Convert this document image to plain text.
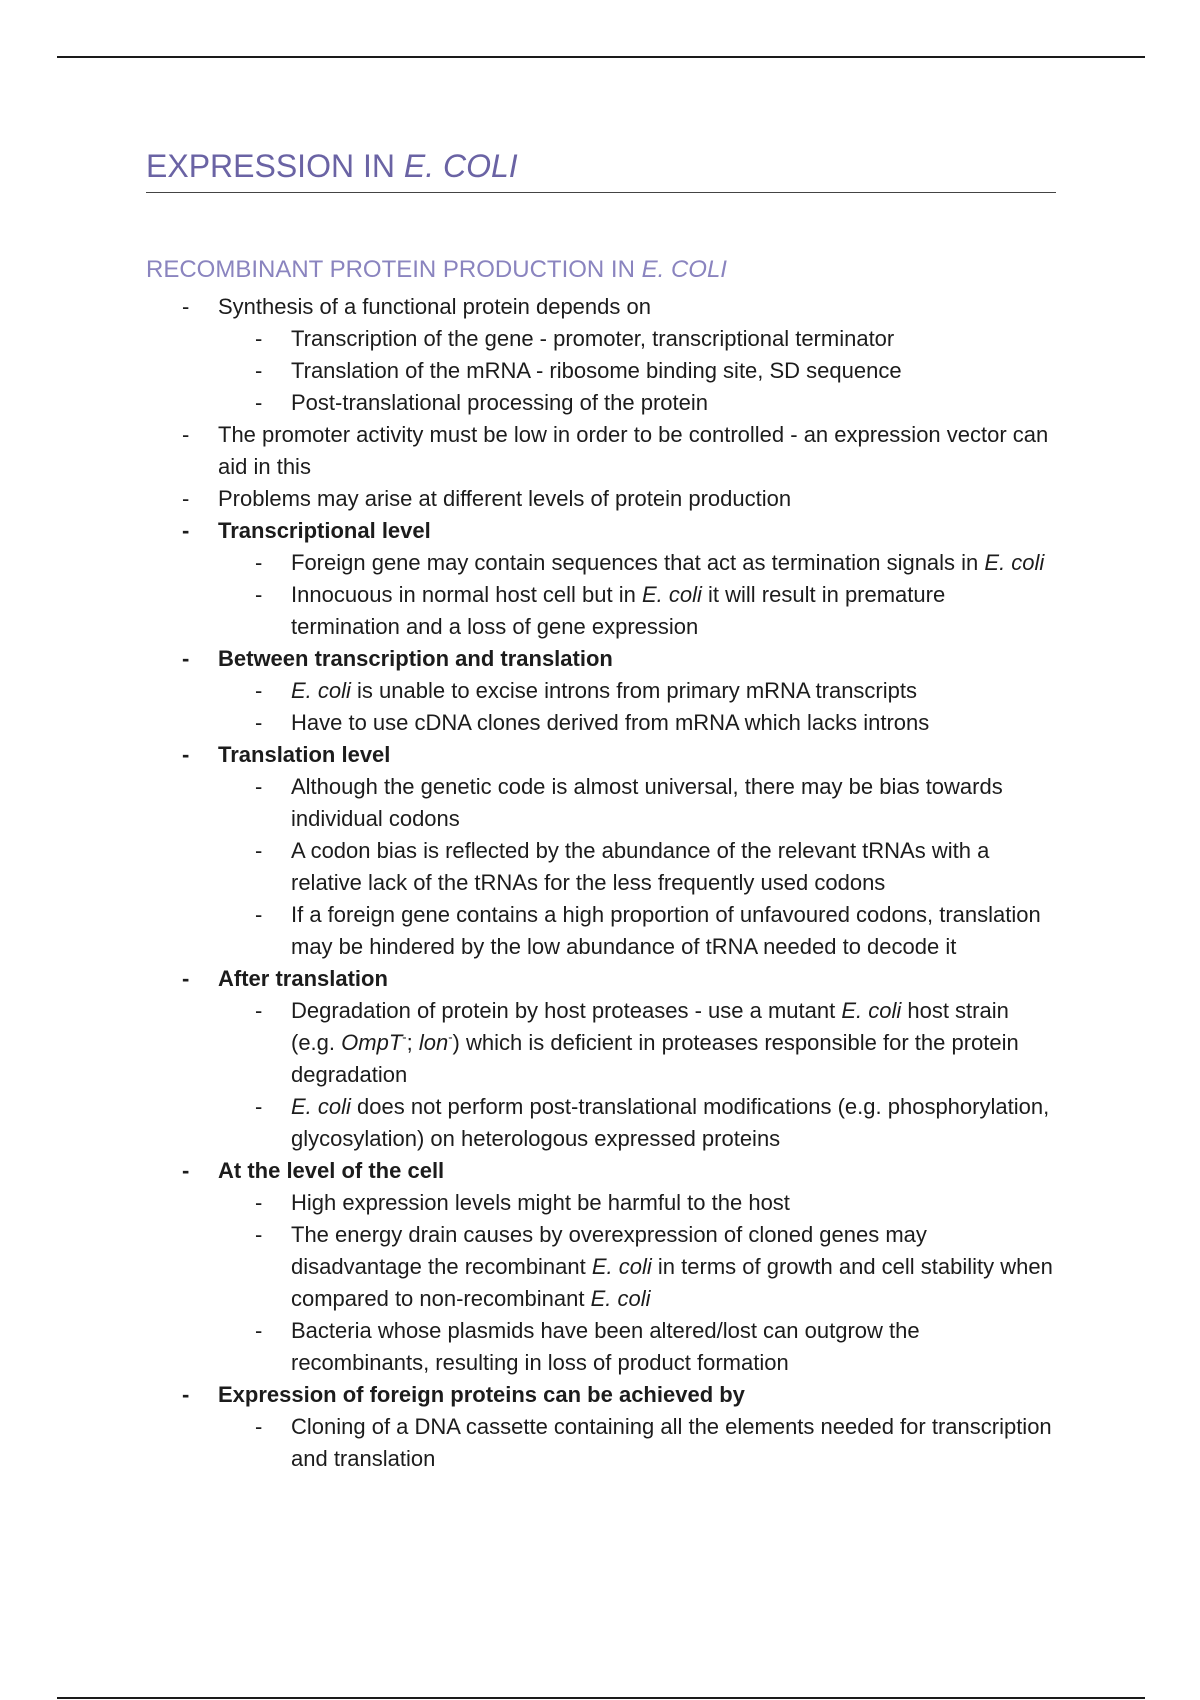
EXPRESSION IN E. COLI
RECOMBINANT PROTEIN PRODUCTION IN E. COLI
- Synthesis of a functional protein depends on
- Transcription of the gene - promoter, transcriptional terminator
- Translation of the mRNA - ribosome binding site, SD sequence
- Post-translational processing of the protein
- The promoter activity must be low in order to be controlled - an expression vector can aid in this
- Problems may arise at different levels of protein production
- Transcriptional level
- Foreign gene may contain sequences that act as termination signals in E. coli
- Innocuous in normal host cell but in E. coli it will result in premature termination and a loss of gene expression
- Between transcription and translation
- E. coli is unable to excise introns from primary mRNA transcripts
- Have to use cDNA clones derived from mRNA which lacks introns
- Translation level
- Although the genetic code is almost universal, there may be bias towards individual codons
- A codon bias is reflected by the abundance of the relevant tRNAs with a relative lack of the tRNAs for the less frequently used codons
- If a foreign gene contains a high proportion of unfavoured codons, translation may be hindered by the low abundance of tRNA needed to decode it
- After translation
- Degradation of protein by host proteases - use a mutant E. coli host strain (e.g. OmpT-; lon-) which is deficient in proteases responsible for the protein degradation
- E. coli does not perform post-translational modifications (e.g. phosphorylation, glycosylation) on heterologous expressed proteins
- At the level of the cell
- High expression levels might be harmful to the host
- The energy drain causes by overexpression of cloned genes may disadvantage the recombinant E. coli in terms of growth and cell stability when compared to non-recombinant E. coli
- Bacteria whose plasmids have been altered/lost can outgrow the recombinants, resulting in loss of product formation
- Expression of foreign proteins can be achieved by
- Cloning of a DNA cassette containing all the elements needed for transcription and translation
